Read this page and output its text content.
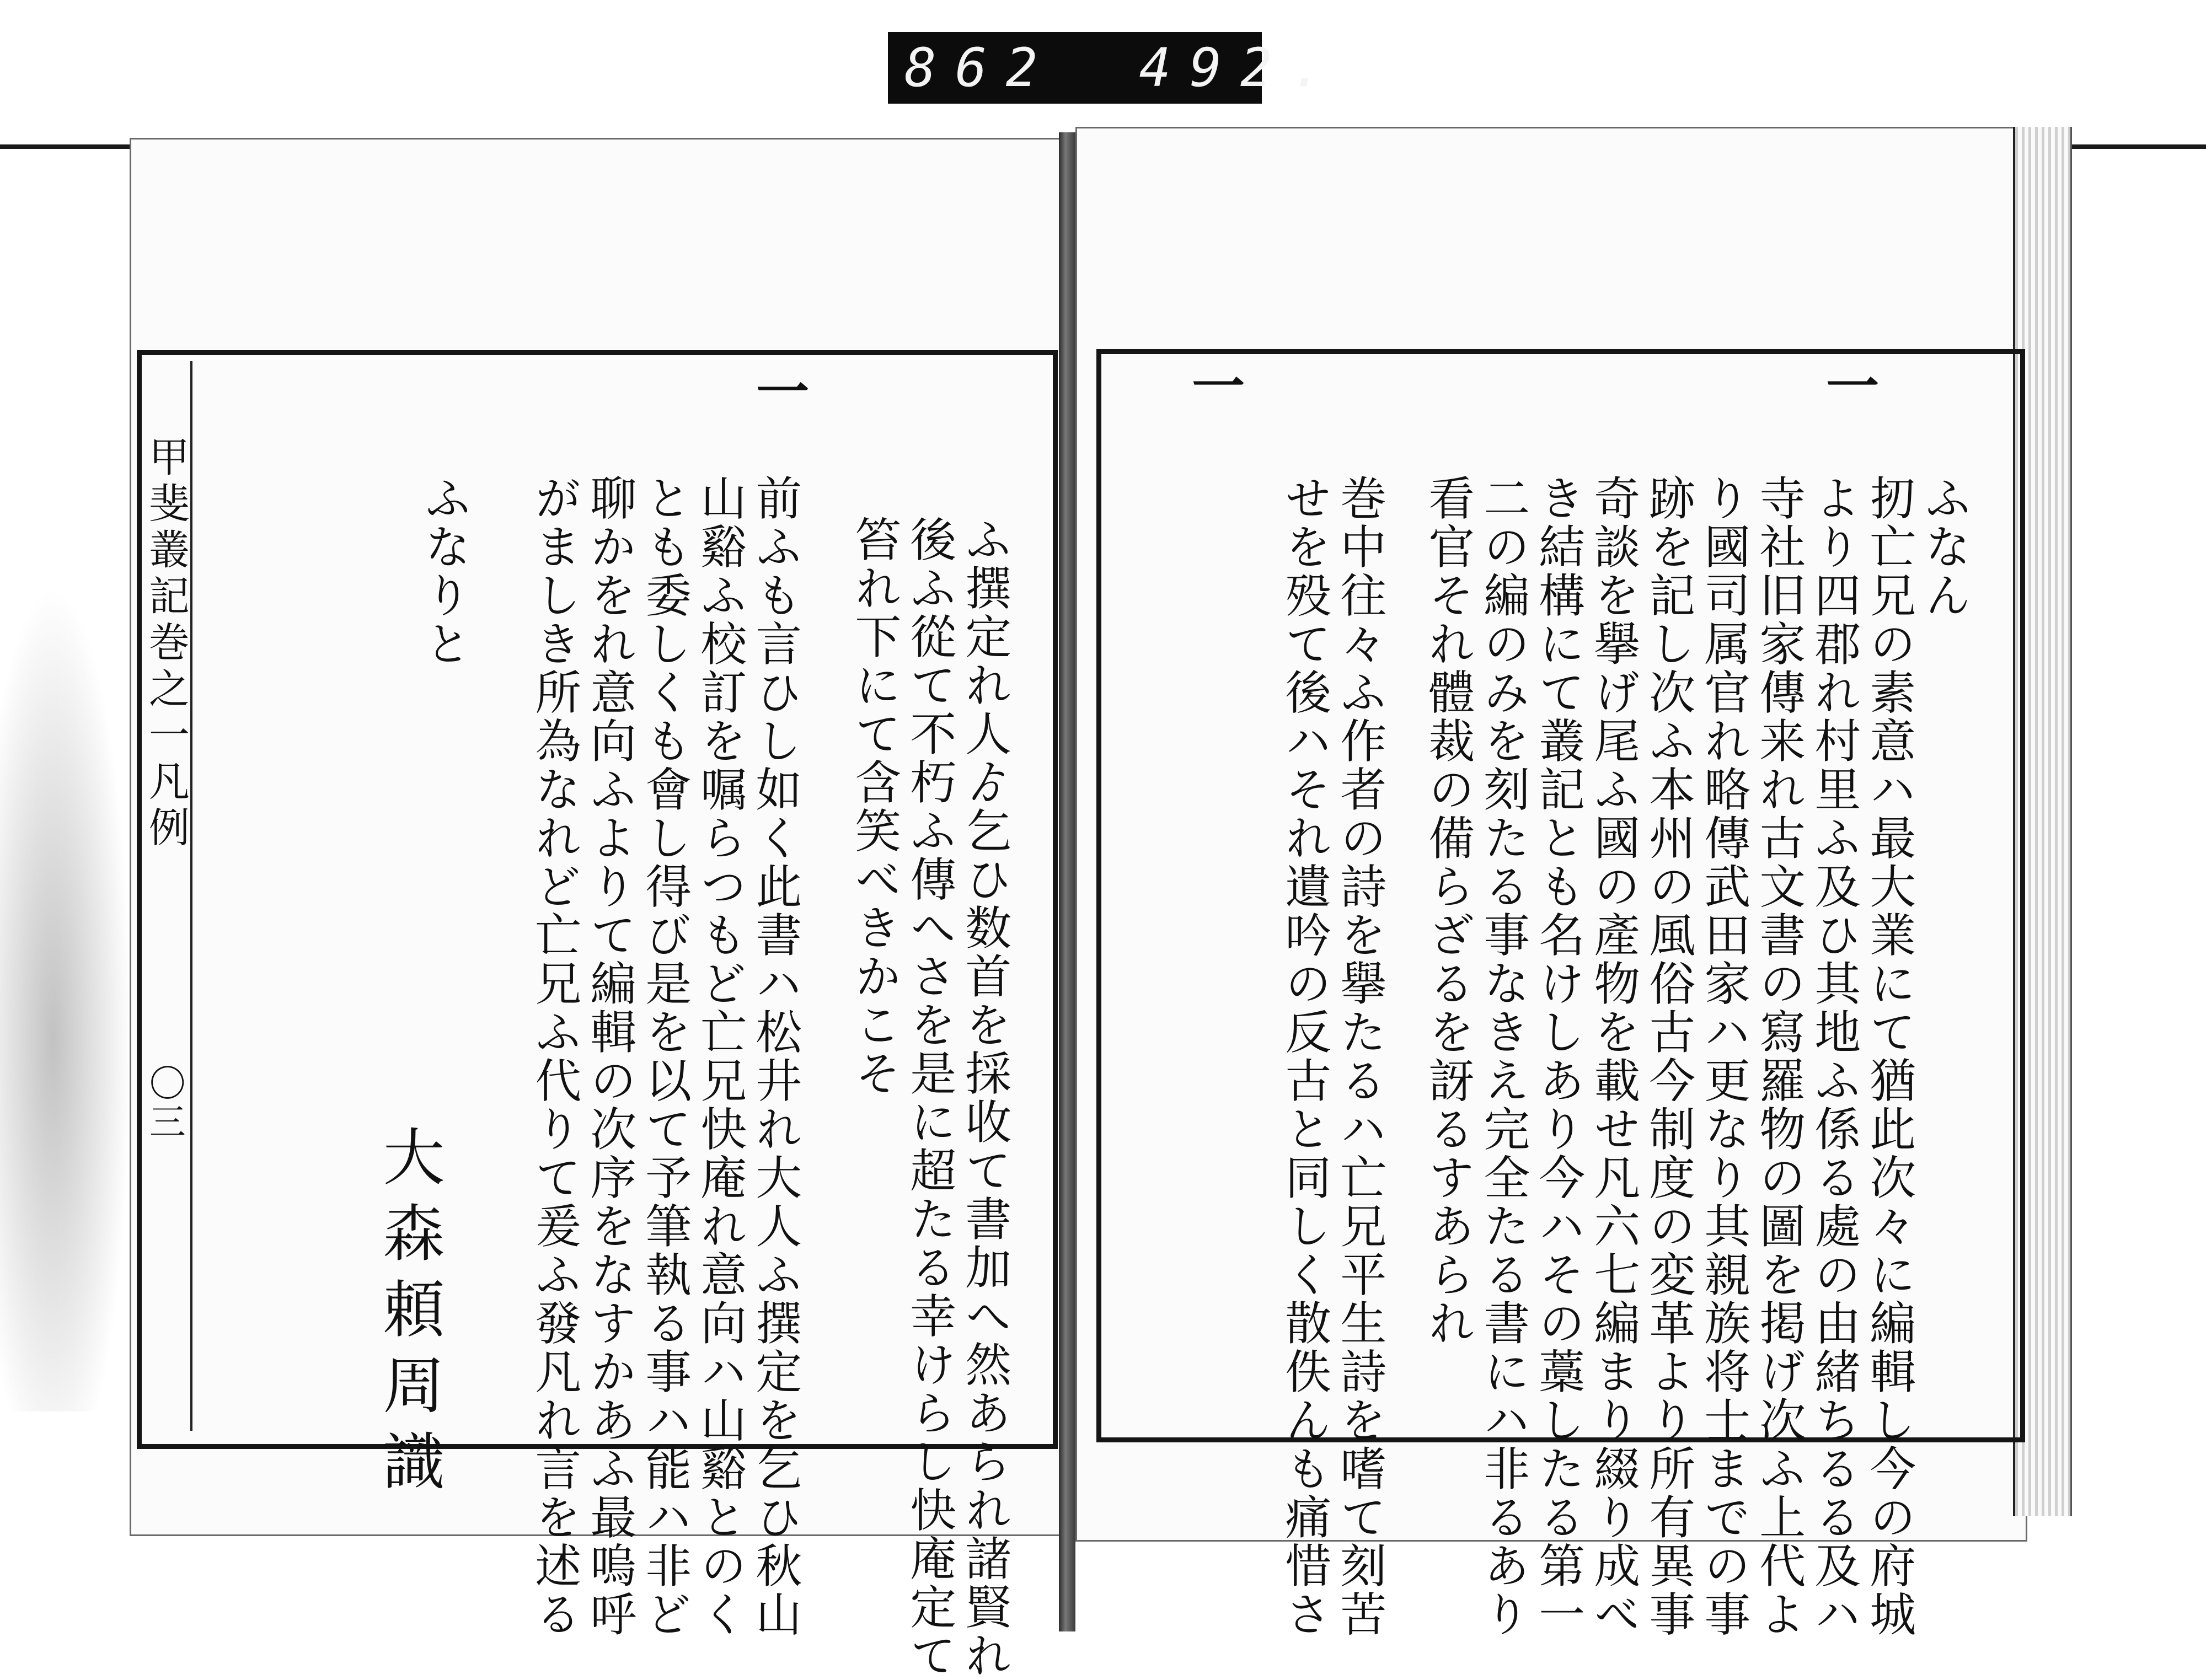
862 492.
甲斐叢記巻之一凡例
〇三
一
ふ撰定れ人ゟ乞ひ数首を採收て書加へ然あられ諸賢れ
後ふ從て不朽ふ傳へさを是に超たる幸けらし快庵定て
笞れ下にて含笑べきかこそ
前ふも言ひし如く此書ハ松井れ大人ふ撰定を乞ひ秋山
山谿ふ校訂を嘱らつもど亡兄快庵れ意向ハ山谿とのく
とも委しくも會し得び是を以て予筆執る事ハ能ハ非ど
聊かをれ意向ふよりて編輯の次序をなすかあふ最嗚呼
がましき所為なれど亡兄ふ代りて爰ふ發凡れ言を述る
ふなりと
大森頼周識
一
一
ふなん
扨亡兄の素意ハ最大業にて猶此次々に編輯し今の府城
より四郡れ村里ふ及ひ其地ふ係る處の由緒ちるる及ハ
寺社旧家傳来れ古文書の寫羅物の圖を掲げ次ふ上代よ
り國司属官れ略傳武田家ハ更なり其親族将士までの事
跡を記し次ふ本州の風俗古今制度の変革より所有異事
奇談を擧げ尾ふ國の產物を載せ凡六七編まり綴り成べ
き結構にて叢記とも名けしあり今ハその藁したる第一
二の編のみを刻たる事なきえ完全たる書にハ非るあり
看官それ體裁の備らざるを訝るすあられ
巻中往々ふ作者の詩を擧たるハ亡兄平生詩を嗜て刻苦
せを殁て後ハそれ遺吟の反古と同しく散佚んも痛惜さ
